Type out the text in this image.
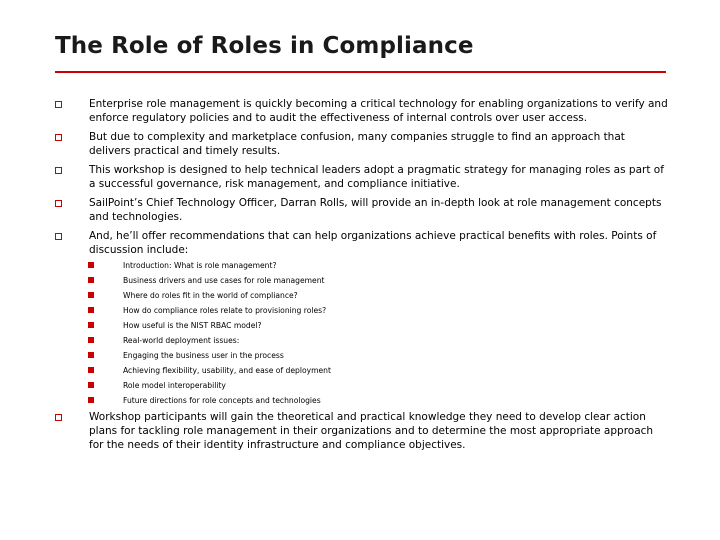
The Role of Roles in Compliance
Enterprise role management is quickly becoming a critical technology for enabling organizations to verify and enforce regulatory policies and to audit the effectiveness of internal controls over user access.
But due to complexity and marketplace confusion, many companies struggle to find an approach that delivers practical and timely results.
This workshop is designed to help technical leaders adopt a pragmatic strategy for managing roles as part of a successful governance, risk management, and compliance initiative.
SailPoint’s Chief Technology Officer, Darran Rolls, will provide an in-depth look at role management concepts and technologies.
And, he’ll offer recommendations that can help organizations achieve practical benefits with roles. Points of discussion include:
Introduction: What is role management?
Business drivers and use cases for role management
Where do roles fit in the world of compliance?
How do compliance roles relate to provisioning roles?
How useful is the NIST RBAC model?
Real-world deployment issues:
Engaging the business user in the process
Achieving flexibility, usability, and ease of deployment
Role model interoperability
Future directions for role concepts and technologies
Workshop participants will gain the theoretical and practical knowledge they need to develop clear action plans for tackling role management in their organizations and to determine the most appropriate approach for the needs of their identity infrastructure and compliance objectives.
